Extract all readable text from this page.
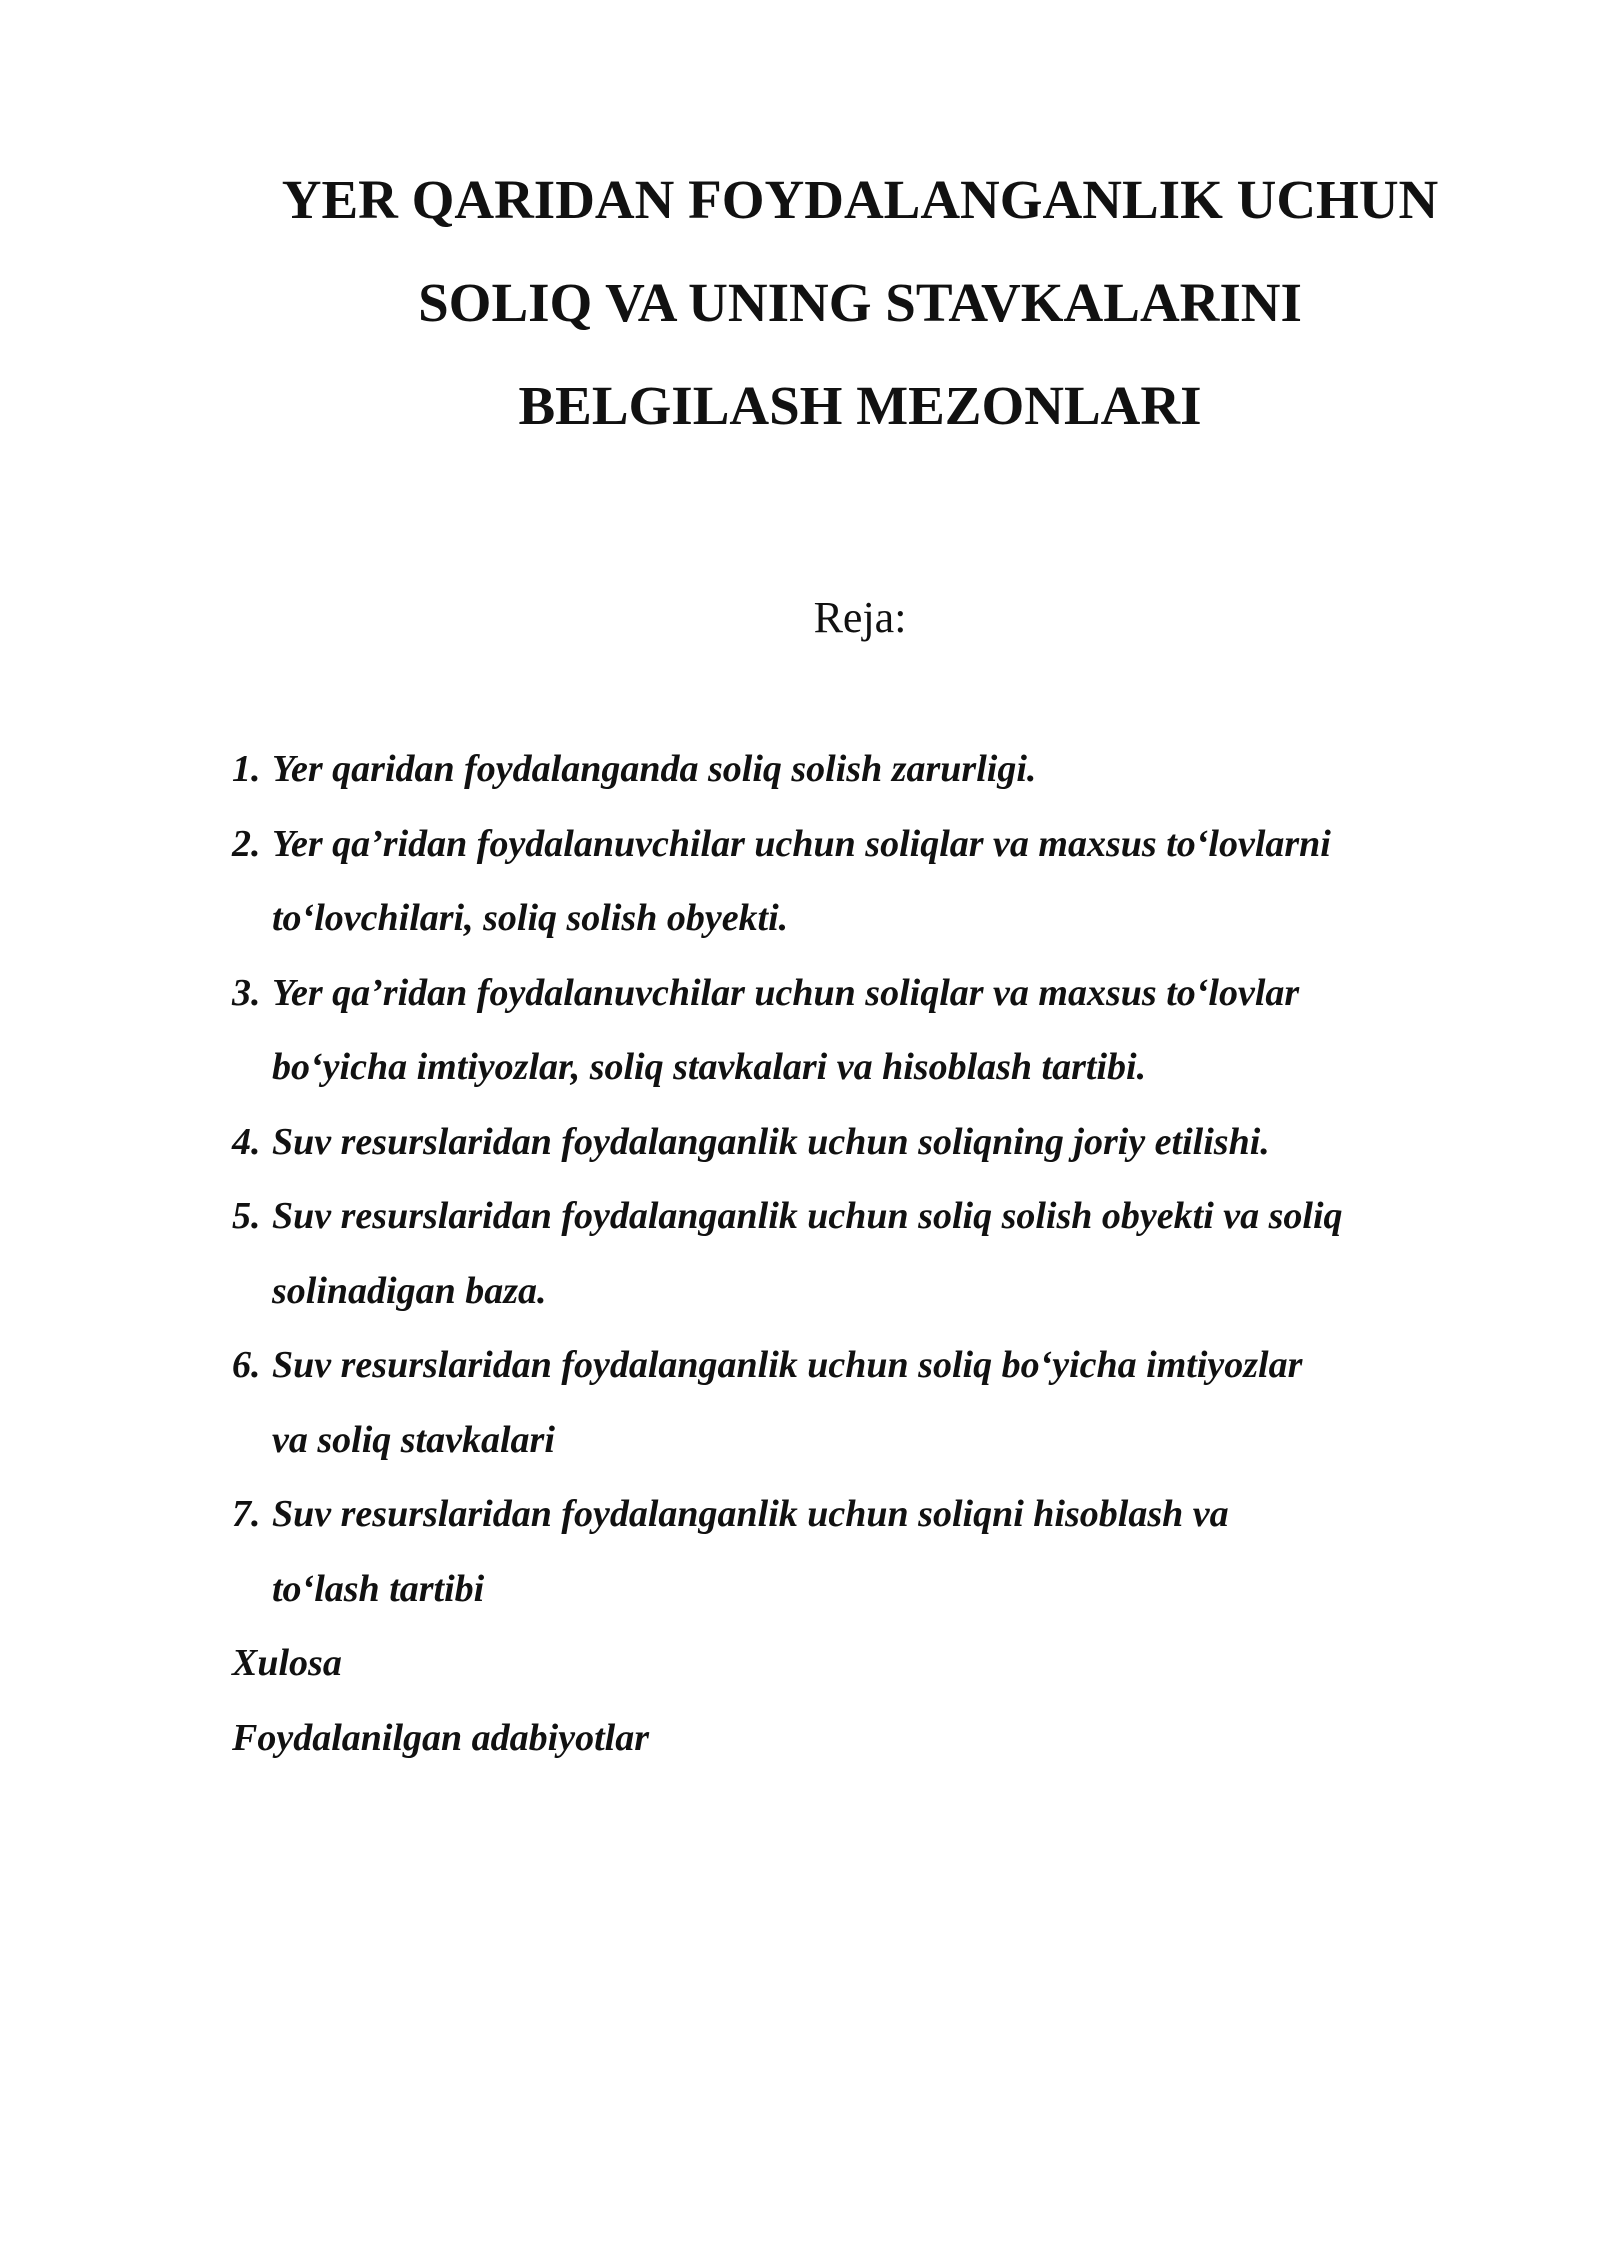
YER QARIDAN FOYDALANGANLIK UCHUN
SOLIQ VA UNING STAVKALARINI
BELGILASH MEZONLARI
Reja:
1. Yer qaridan foydalanganda soliq solish zarurligi.
2. Yer qa’ridan foydalanuvchilar uchun soliqlar va maxsus to‘lovlarni
to‘lovchilari, soliq solish obyekti.
3. Yer qa’ridan foydalanuvchilar uchun soliqlar va maxsus to‘lovlar
bo‘yicha imtiyozlar, soliq stavkalari va hisoblash tartibi.
4. Suv resurslaridan foydalanganlik uchun soliqning joriy etilishi.
5. Suv resurslaridan foydalanganlik uchun soliq solish obyekti va soliq
solinadigan baza.
6. Suv resurslaridan foydalanganlik uchun soliq bo‘yicha imtiyozlar
va soliq stavkalari
7. Suv resurslaridan foydalanganlik uchun soliqni hisoblash va
to‘lash tartibi
Xulosa
Foydalanilgan adabiyotlar
